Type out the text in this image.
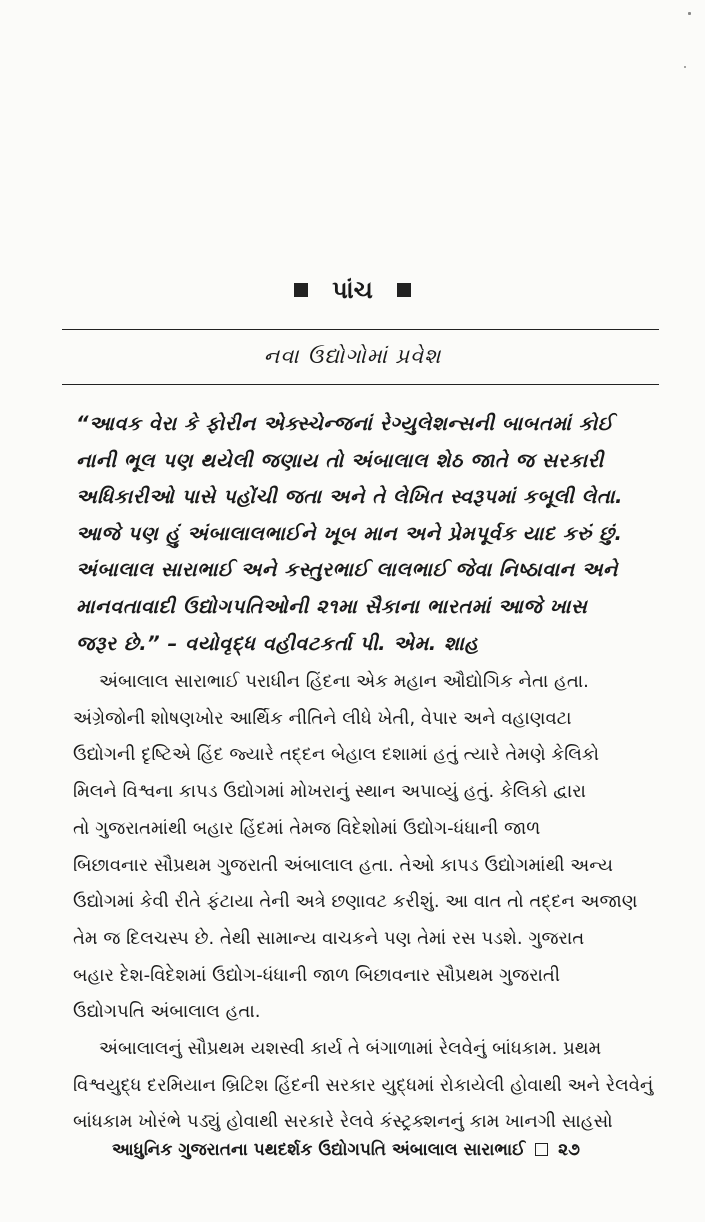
પાંચ
નવા ઉદ્યોગોમાં પ્રવેશ
“આવક વેરા કે ફોરીન એક્સ્ચેન્જનાં રેગ્યુલેશન્સની બાબતમાં કોઈ
નાની ભૂલ પણ થયેલી જણાય તો અંબાલાલ શેઠ જાતે જ સરકારી
અધિકારીઓ પાસે પહોંચી જતા અને તે લેખિત સ્વરૂપમાં કબૂલી લેતા.
આજે પણ હું અંબાલાલભાઈને ખૂબ માન અને પ્રેમપૂર્વક યાદ કરું છું.
અંબાલાલ સારાભાઈ અને કસ્તુરભાઈ લાલભાઈ જેવા નિષ્ઠાવાન અને
માનવતાવાદી ઉદ્યોગપતિઓની ૨૧મા સૈકાના ભારતમાં આજે ખાસ
જરૂર છે.” – વયોવૃદ્ધ વહીવટકર્તા પી. એમ. શાહ
અંબાલાલ સારાભાઈ પરાધીન હિંદના એક મહાન ઔદ્યોગિક નેતા હતા.
અંગ્રેજોની શોષણખોર આર્થિક નીતિને લીધે ખેતી, વેપાર અને વહાણવટા
ઉદ્યોગની દૃષ્ટિએ હિંદ જ્યારે તદ્દન બેહાલ દશામાં હતું ત્યારે તેમણે કેલિકો
મિલને વિશ્વના કાપડ ઉદ્યોગમાં મોખરાનું સ્થાન અપાવ્યું હતું. કેલિકો દ્વારા
તો ગુજરાતમાંથી બહાર હિંદમાં તેમજ વિદેશોમાં ઉદ્યોગ-ધંધાની જાળ
બિછાવનાર સૌપ્રથમ ગુજરાતી અંબાલાલ હતા. તેઓ કાપડ ઉદ્યોગમાંથી અન્ય
ઉદ્યોગમાં કેવી રીતે ફંટાયા તેની અત્રે છણાવટ કરીશું. આ વાત તો તદ્દન અજાણ
તેમ જ દિલચસ્પ છે. તેથી સામાન્ય વાચકને પણ તેમાં રસ પડશે. ગુજરાત
બહાર દેશ-વિદેશમાં ઉદ્યોગ-ધંધાની જાળ બિછાવનાર સૌપ્રથમ ગુજરાતી
ઉદ્યોગપતિ અંબાલાલ હતા.
અંબાલાલનું સૌપ્રથમ યશસ્વી કાર્ય તે બંગાળામાં રેલવેનું બાંધકામ. પ્રથમ
વિશ્વયુદ્ધ દરમિયાન બ્રિટિશ હિંદની સરકાર યુદ્ધમાં રોકાયેલી હોવાથી અને રેલવેનું
બાંધકામ ખોરંભે પડ્યું હોવાથી સરકારે રેલવે કંસ્ટ્રક્શનનું કામ ખાનગી સાહસો
આધુનિક ગુજરાતના પથદર્શક ઉદ્યોગપતિ અંબાલાલ સારાભાઈ ૨૭
